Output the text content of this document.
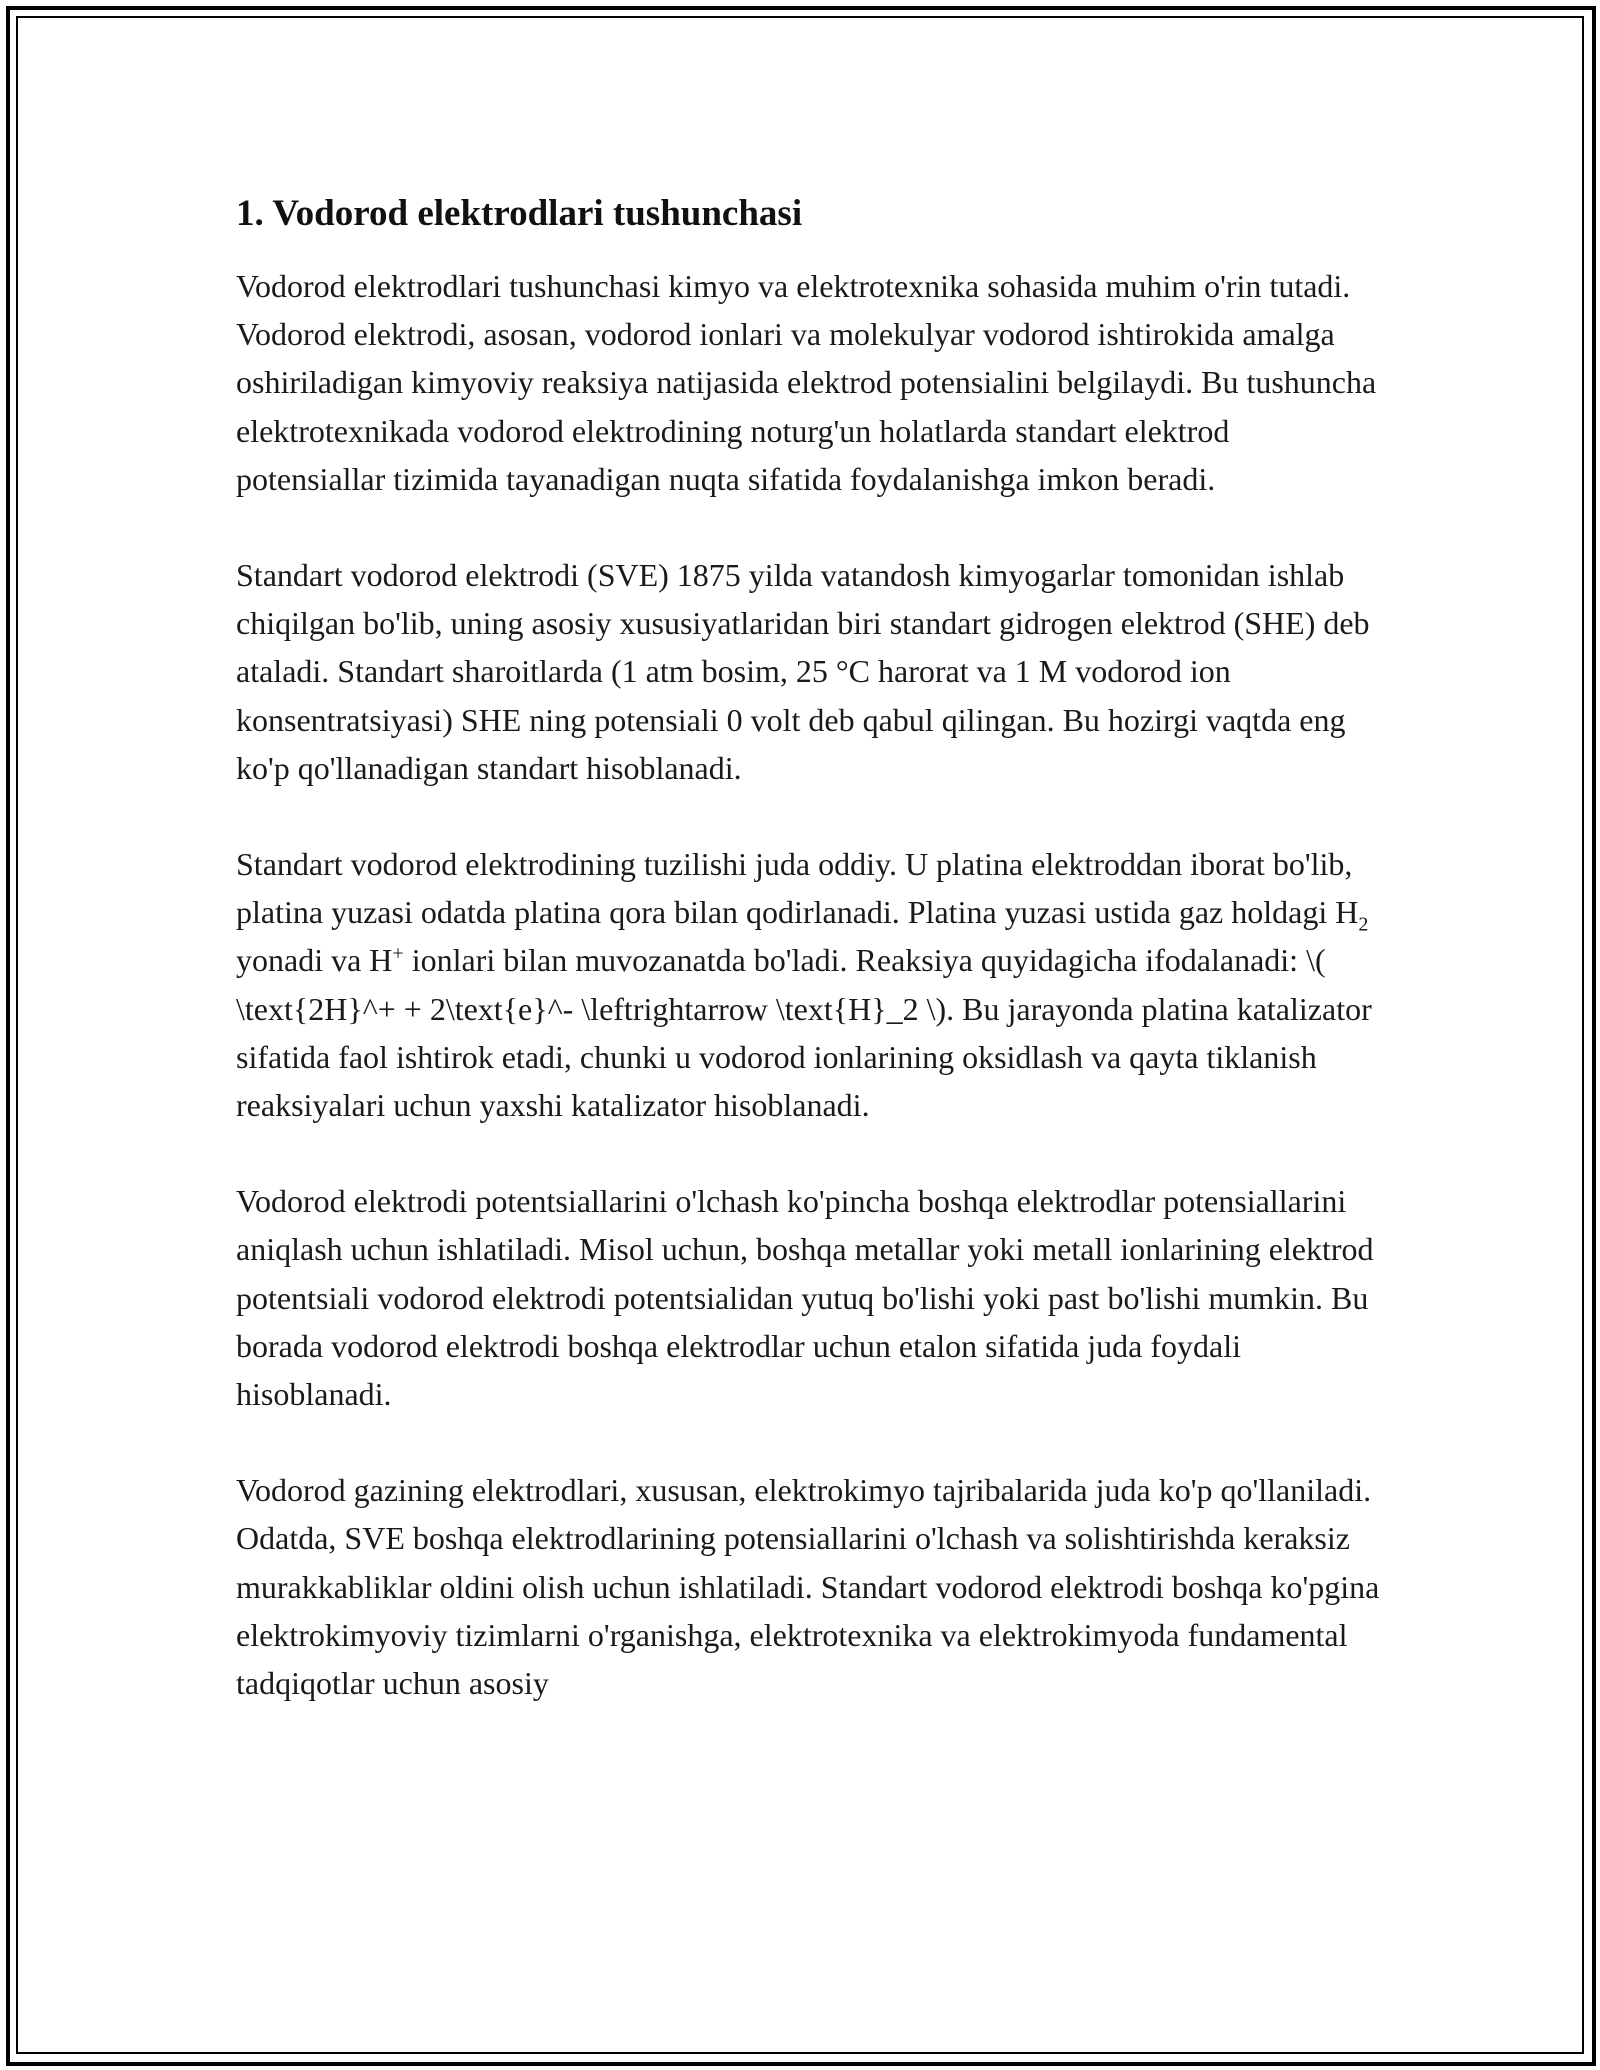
1. Vodorod elektrodlari tushunchasi

Vodorod elektrodlari tushunchasi kimyo va elektrotexnika sohasida muhim o'rin tutadi. Vodorod elektrodi, asosan, vodorod ionlari va molekulyar vodorod ishtirokida amalga oshiriladigan kimyoviy reaksiya natijasida elektrod potensialini belgilaydi. Bu tushuncha elektrotexnikada vodorod elektrodining noturg'un holatlarda standart elektrod potensiallar tizimida tayanadigan nuqta sifatida foydalanishga imkon beradi.

Standart vodorod elektrodi (SVE) 1875 yilda vatandosh kimyogarlar tomonidan ishlab chiqilgan bo'lib, uning asosiy xususiyatlaridan biri standart gidrogen elektrod (SHE) deb ataladi. Standart sharoitlarda (1 atm bosim, 25 °C harorat va 1 M vodorod ion konsentratsiyasi) SHE ning potensiali 0 volt deb qabul qilingan. Bu hozirgi vaqtda eng ko'p qo'llanadigan standart hisoblanadi.

Standart vodorod elektrodining tuzilishi juda oddiy. U platina elektroddan iborat bo'lib, platina yuzasi odatda platina qora bilan qodirlanadi. Platina yuzasi ustida gaz holdagi $H_2$ yonadi va H+ ionlari bilan muvozanatda bo'ladi. Reaksiya quyidagicha ifodalanadi: \( \text{2H}^+ + 2\text{e}^- \leftrightarrow \text{H}_2 \). Bu jarayonda platina katalizator sifatida faol ishtirok etadi, chunki u vodorod ionlarining oksidlash va qayta tiklanish reaksiyalari uchun yaxshi katalizator hisoblanadi.

Vodorod elektrodi potentsiallarini o'lchash ko'pincha boshqa elektrodlar potensiallarini aniqlash uchun ishlatiladi. Misol uchun, boshqa metallar yoki metall ionlarining elektrod potentsiali vodorod elektrodi potentsialidan yutuq bo'lishi yoki past bo'lishi mumkin. Bu borada vodorod elektrodi boshqa elektrodlar uchun etalon sifatida juda foydali hisoblanadi.

Vodorod gazining elektrodlari, xususan, elektrokimyo tajribalarida juda ko'p qo'llaniladi. Odatda, SVE boshqa elektrodlarining potensiallarini o'lchash va solishtirishda keraksiz murakkabliklar oldini olish uchun ishlatiladi. Standart vodorod elektrodi boshqa ko'pgina elektrokimyoviy tizimlarni o'rganishga, elektrotexnika va elektrokimyoda fundamental tadqiqotlar uchun asosiy
